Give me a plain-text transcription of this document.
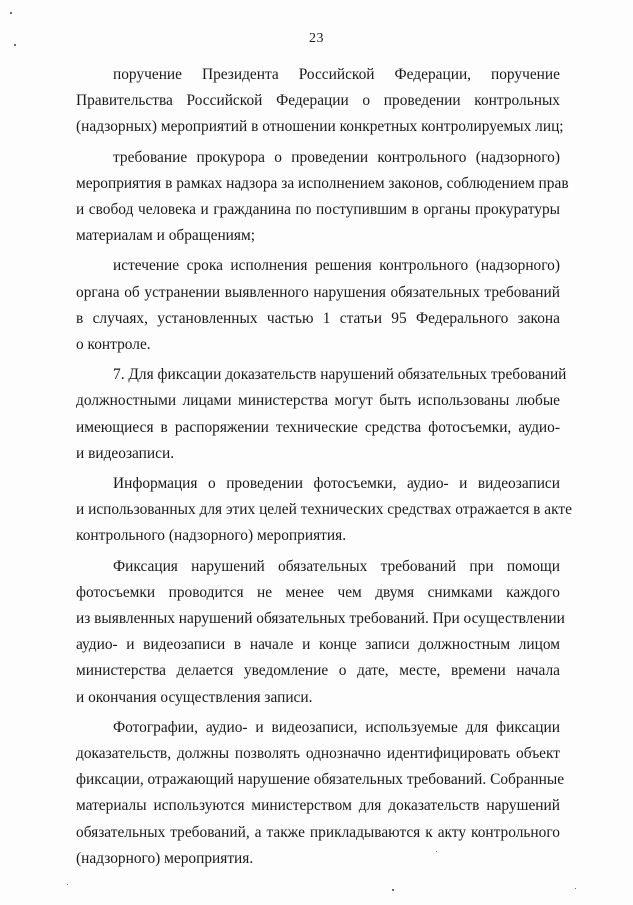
23
поручение Президента Российской Федерации, поручение
Правительства Российской Федерации о проведении контрольных
(надзорных) мероприятий в отношении конкретных контролируемых лиц;
требование прокурора о проведении контрольного (надзорного)
мероприятия в рамках надзора за исполнением законов, соблюдением прав
и свобод человека и гражданина по поступившим в органы прокуратуры
материалам и обращениям;
истечение срока исполнения решения контрольного (надзорного)
органа об устранении выявленного нарушения обязательных требований
в случаях, установленных частью 1 статьи 95 Федерального закона
о контроле.
7. Для фиксации доказательств нарушений обязательных требований
должностными лицами министерства могут быть использованы любые
имеющиеся в распоряжении технические средства фотосъемки, аудио-
и видеозаписи.
Информация о проведении фотосъемки, аудио- и видеозаписи
и использованных для этих целей технических средствах отражается в акте
контрольного (надзорного) мероприятия.
Фиксация нарушений обязательных требований при помощи
фотосъемки проводится не менее чем двумя снимками каждого
из выявленных нарушений обязательных требований. При осуществлении
аудио- и видеозаписи в начале и конце записи должностным лицом
министерства делается уведомление о дате, месте, времени начала
и окончания осуществления записи.
Фотографии, аудио- и видеозаписи, используемые для фиксации
доказательств, должны позволять однозначно идентифицировать объект
фиксации, отражающий нарушение обязательных требований. Собранные
материалы используются министерством для доказательств нарушений
обязательных требований, а также прикладываются к акту контрольного
(надзорного) мероприятия.
